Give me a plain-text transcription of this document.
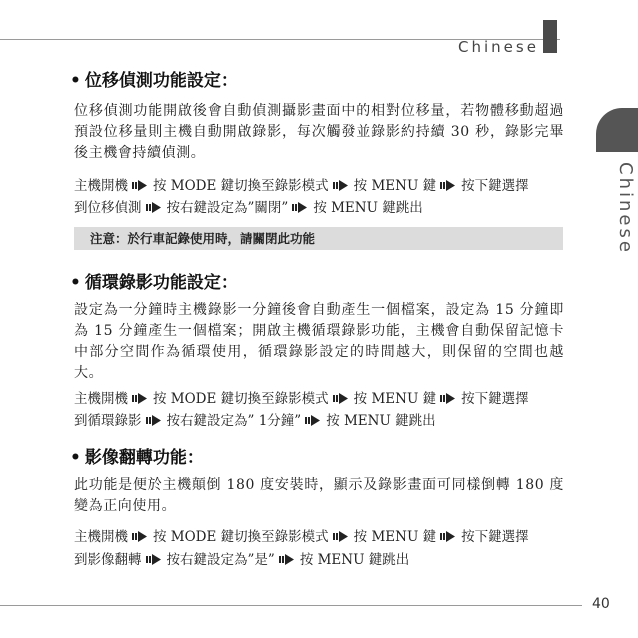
Chinese
Chinese
• 位移偵測功能設定：
位移偵測功能開啟後會自動偵測攝影畫面中的相對位移量，若物體移動超過預設位移量則主機自動開啟錄影，每次觸發並錄影約持續 30 秒，錄影完畢後主機會持續偵測。
主機開機 按 MODE 鍵切換至錄影模式 按 MENU 鍵 按下鍵選擇
到位移偵測 按右鍵設定為”關閉” 按 MENU 鍵跳出
注意：於行車記錄使用時，請關閉此功能
• 循環錄影功能設定：
設定為一分鐘時主機錄影一分鐘後會自動產生一個檔案，設定為 15 分鐘即為 15 分鐘產生一個檔案；開啟主機循環錄影功能，主機會自動保留記憶卡中部分空間作為循環使用，循環錄影設定的時間越大，則保留的空間也越大。
主機開機 按 MODE 鍵切換至錄影模式 按 MENU 鍵 按下鍵選擇
到循環錄影 按右鍵設定為” 1分鐘” 按 MENU 鍵跳出
• 影像翻轉功能：
此功能是便於主機顛倒 180 度安裝時，顯示及錄影畫面可同樣倒轉 180 度變為正向使用。
主機開機 按 MODE 鍵切換至錄影模式 按 MENU 鍵 按下鍵選擇
到影像翻轉 按右鍵設定為”是” 按 MENU 鍵跳出
40
